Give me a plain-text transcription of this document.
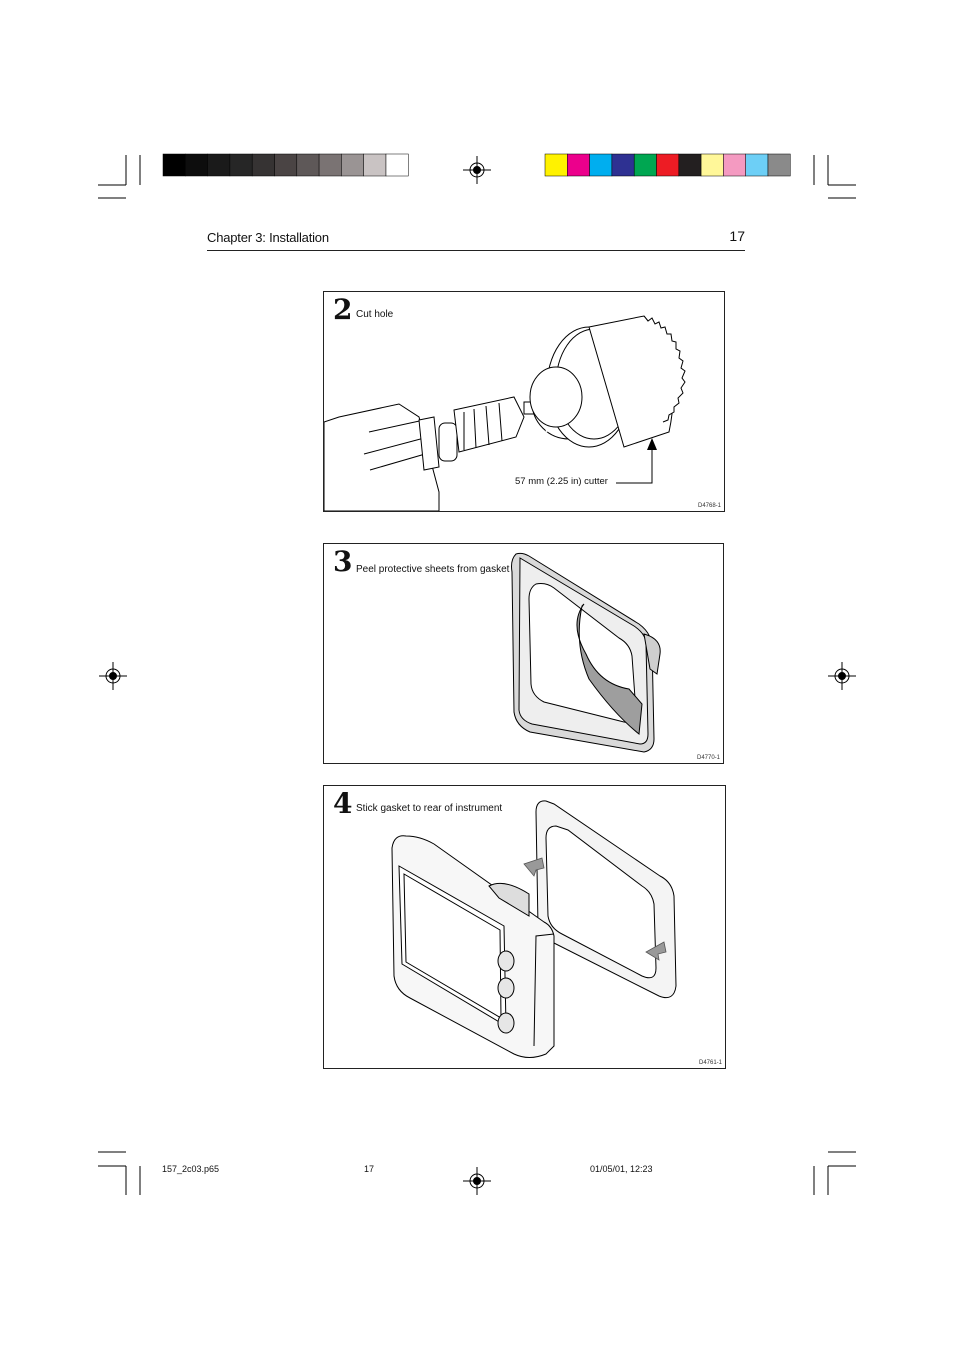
Chapter 3: Installation	17
2 Cut hole
57 mm (2.25 in) cutter
D4768-1
3 Peel protective sheets from gasket
D4770-1
4 Stick gasket to rear of instrument
D4761-1
157_2c03.p65	17	01/05/01, 12:23
